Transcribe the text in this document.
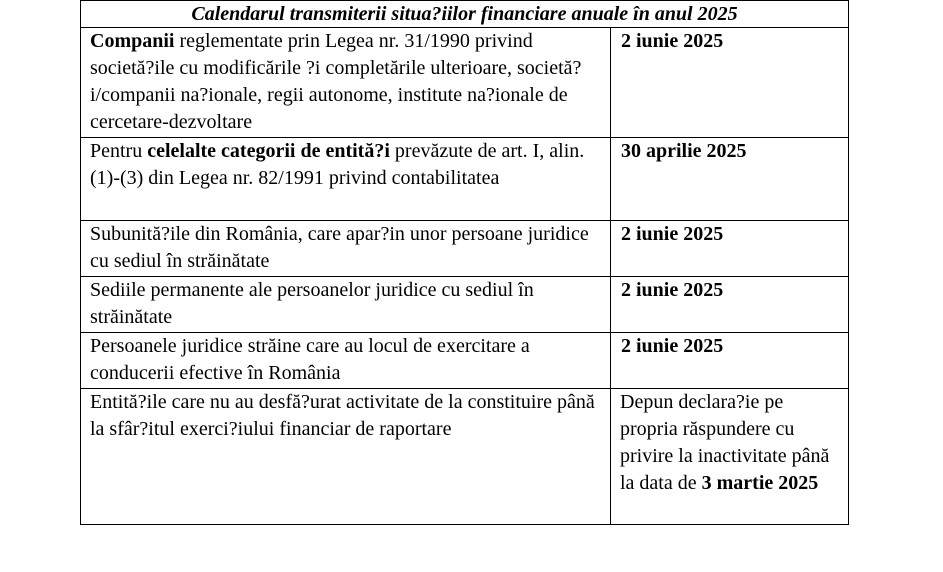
Calendarul transmiterii situa?iilor financiare anuale în anul 2025	
Companii reglementate prin Legea nr. 31/1990 privind societă?ile cu modificările ?i completările ulterioare, societă?i/companii na?ionale, regii autonome, institute na?ionale de cercetare-dezvoltare	2 iunie 2025
Pentru celelalte categorii de entită?i prevăzute de art. I, alin. (1)-(3) din Legea nr. 82/1991 privind contabilitatea	30 aprilie 2025
Subunită?ile din România, care apar?in unor persoane juridice cu sediul în străinătate	2 iunie 2025
Sediile permanente ale persoanelor juridice cu sediul în străinătate	2 iunie 2025
Persoanele juridice străine care au locul de exercitare a conducerii efective în România	2 iunie 2025
Entită?ile care nu au desfă?urat activitate de la constituire până la sfâr?itul exerci?iului financiar de raportare	Depun declara?ie pe propria răspundere cu privire la inactivitate până la data de 3 martie 2025
